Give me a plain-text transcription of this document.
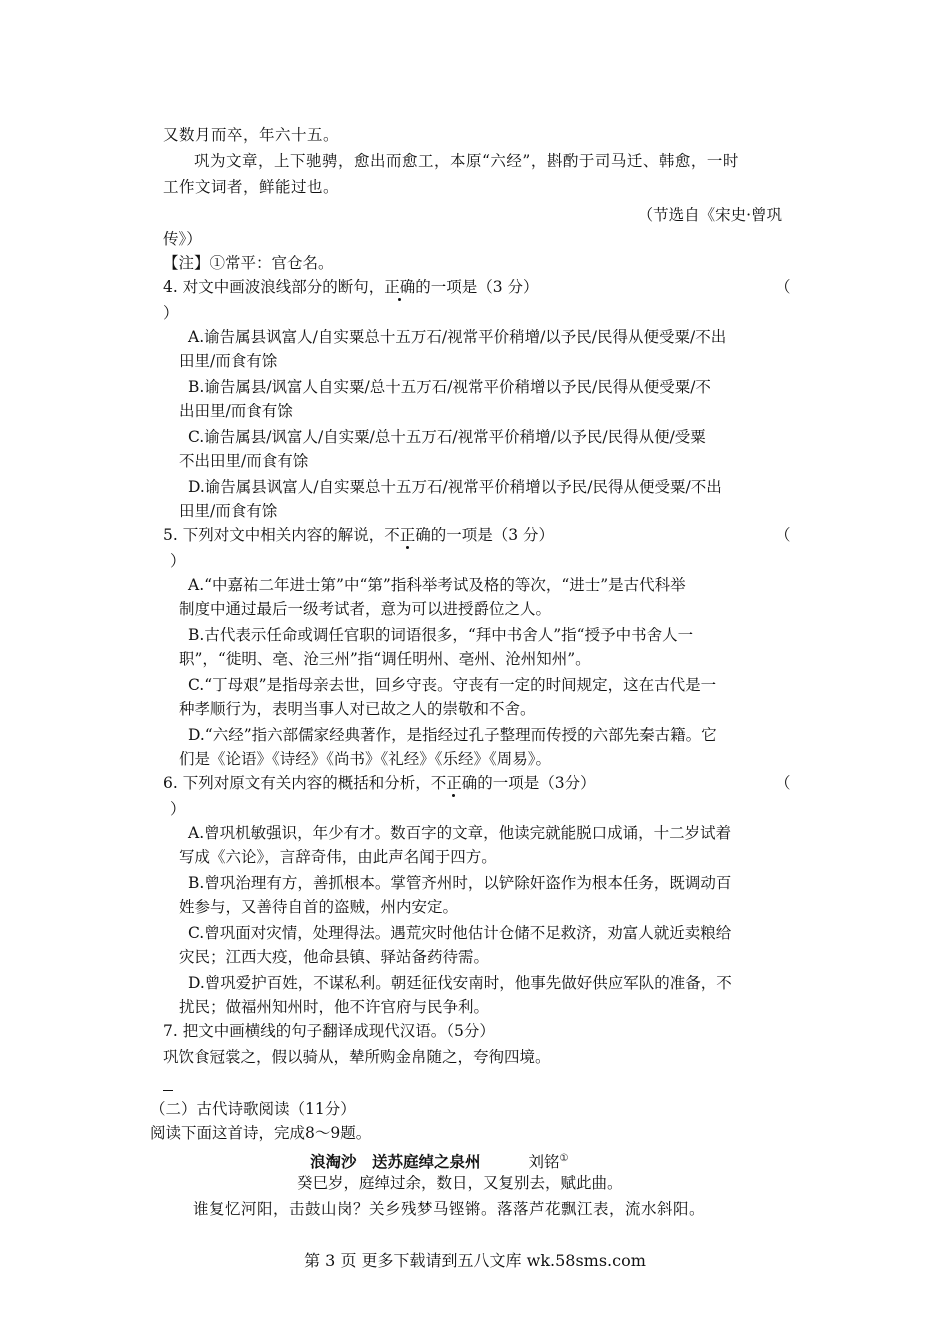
又数月而卒，年六十五。
巩为文章，上下驰骋，愈出而愈工，本原“六经”，斟酌于司马迁、韩愈，一时
工作文词者，鲜能过也。
（节选自《宋史·曾巩
传》）
【注】①常平：官仓名。
4. 对文中画波浪线部分的断句，正确的一项是（3 分）	（
）
A.谕告属县讽富人/自实粟总十五万石/视常平价稍增/以予民/民得从便受粟/不出
田里/而食有馀
B.谕告属县/讽富人自实粟/总十五万石/视常平价稍增以予民/民得从便受粟/不
出田里/而食有馀
C.谕告属县/讽富人/自实粟/总十五万石/视常平价稍增/以予民/民得从便/受粟
不出田里/而食有馀
D.谕告属县讽富人/自实粟总十五万石/视常平价稍增以予民/民得从便受粟/不出
田里/而食有馀
5. 下列对文中相关内容的解说，不正确的一项是（3 分）	（
）
A.“中嘉祐二年进士第”中“第”指科举考试及格的等次，“进士”是古代科举
制度中通过最后一级考试者，意为可以进授爵位之人。
B.古代表示任命或调任官职的词语很多，“拜中书舍人”指“授予中书舍人一
职”，“徙明、亳、沧三州”指“调任明州、亳州、沧州知州”。
C.“丁母艰”是指母亲去世，回乡守丧。守丧有一定的时间规定，这在古代是一
种孝顺行为，表明当事人对已故之人的崇敬和不舍。
D.“六经”指六部儒家经典著作，是指经过孔子整理而传授的六部先秦古籍。它
们是《论语》《诗经》《尚书》《礼经》《乐经》《周易》。
6. 下列对原文有关内容的概括和分析，不正确的一项是（3分）	（
）
A.曾巩机敏强识，年少有才。数百字的文章，他读完就能脱口成诵，十二岁试着
写成《六论》，言辞奇伟，由此声名闻于四方。
B.曾巩治理有方，善抓根本。掌管齐州时，以铲除奸盗作为根本任务，既调动百
姓参与，又善待自首的盗贼，州内安定。
C.曾巩面对灾情，处理得法。遇荒灾时他估计仓储不足救济，劝富人就近卖粮给
灾民；江西大疫，他命县镇、驿站备药待需。
D.曾巩爱护百姓，不谋私利。朝廷征伐安南时，他事先做好供应军队的准备，不
扰民；做福州知州时，他不许官府与民争利。
7. 把文中画横线的句子翻译成现代汉语。（5分）
巩饮食冠裳之，假以骑从，辇所购金帛随之，夸徇四境。
（二）古代诗歌阅读（11分）
阅读下面这首诗，完成8～9题。
浪淘沙　送苏庭绰之泉州	刘铭①
癸巳岁，庭绰过余，数日，又复别去，赋此曲。
谁复忆河阳，击鼓山岗？关乡残梦马铿锵。落落芦花飘江表，流水斜阳。
第 3 页 更多下载请到五八文库 wk.58sms.com
